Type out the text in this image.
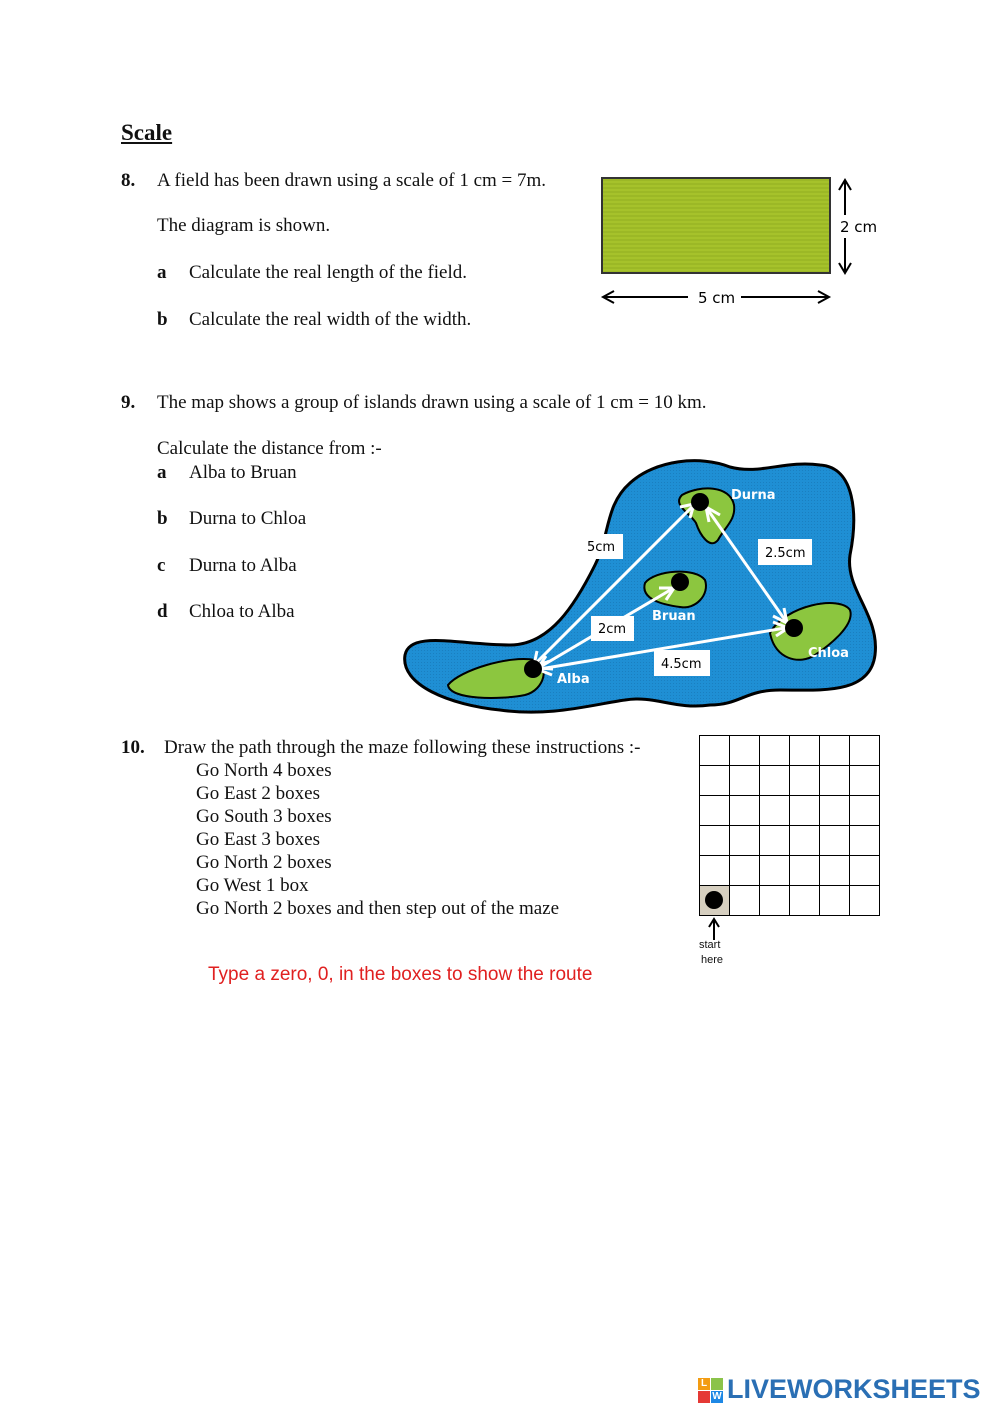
Scale
8. A field has been drawn using a scale of 1 cm = 7m.
The diagram is shown.
a Calculate the real length of the field.
b Calculate the real width of the width.
2 cm
5 cm
9. The map shows a group of islands drawn using a scale of 1 cm = 10 km.
Calculate the distance from :-
a Alba to Bruan
b Durna to Chloa
c Durna to Alba
d Chloa to Alba
Durna
Bruan
Chloa
Alba
5cm	2.5cm
2cm
4.5cm
10. Draw the path through the maze following these instructions :-
Go North 4 boxes
Go East 2 boxes
Go South 3 boxes
Go East 3 boxes
Go North 2 boxes
Go West 1 box
Go North 2 boxes and then step out of the maze
Type a zero, 0, in the boxes to show the route
start
here
L
W LIVEWORKSHEETS
